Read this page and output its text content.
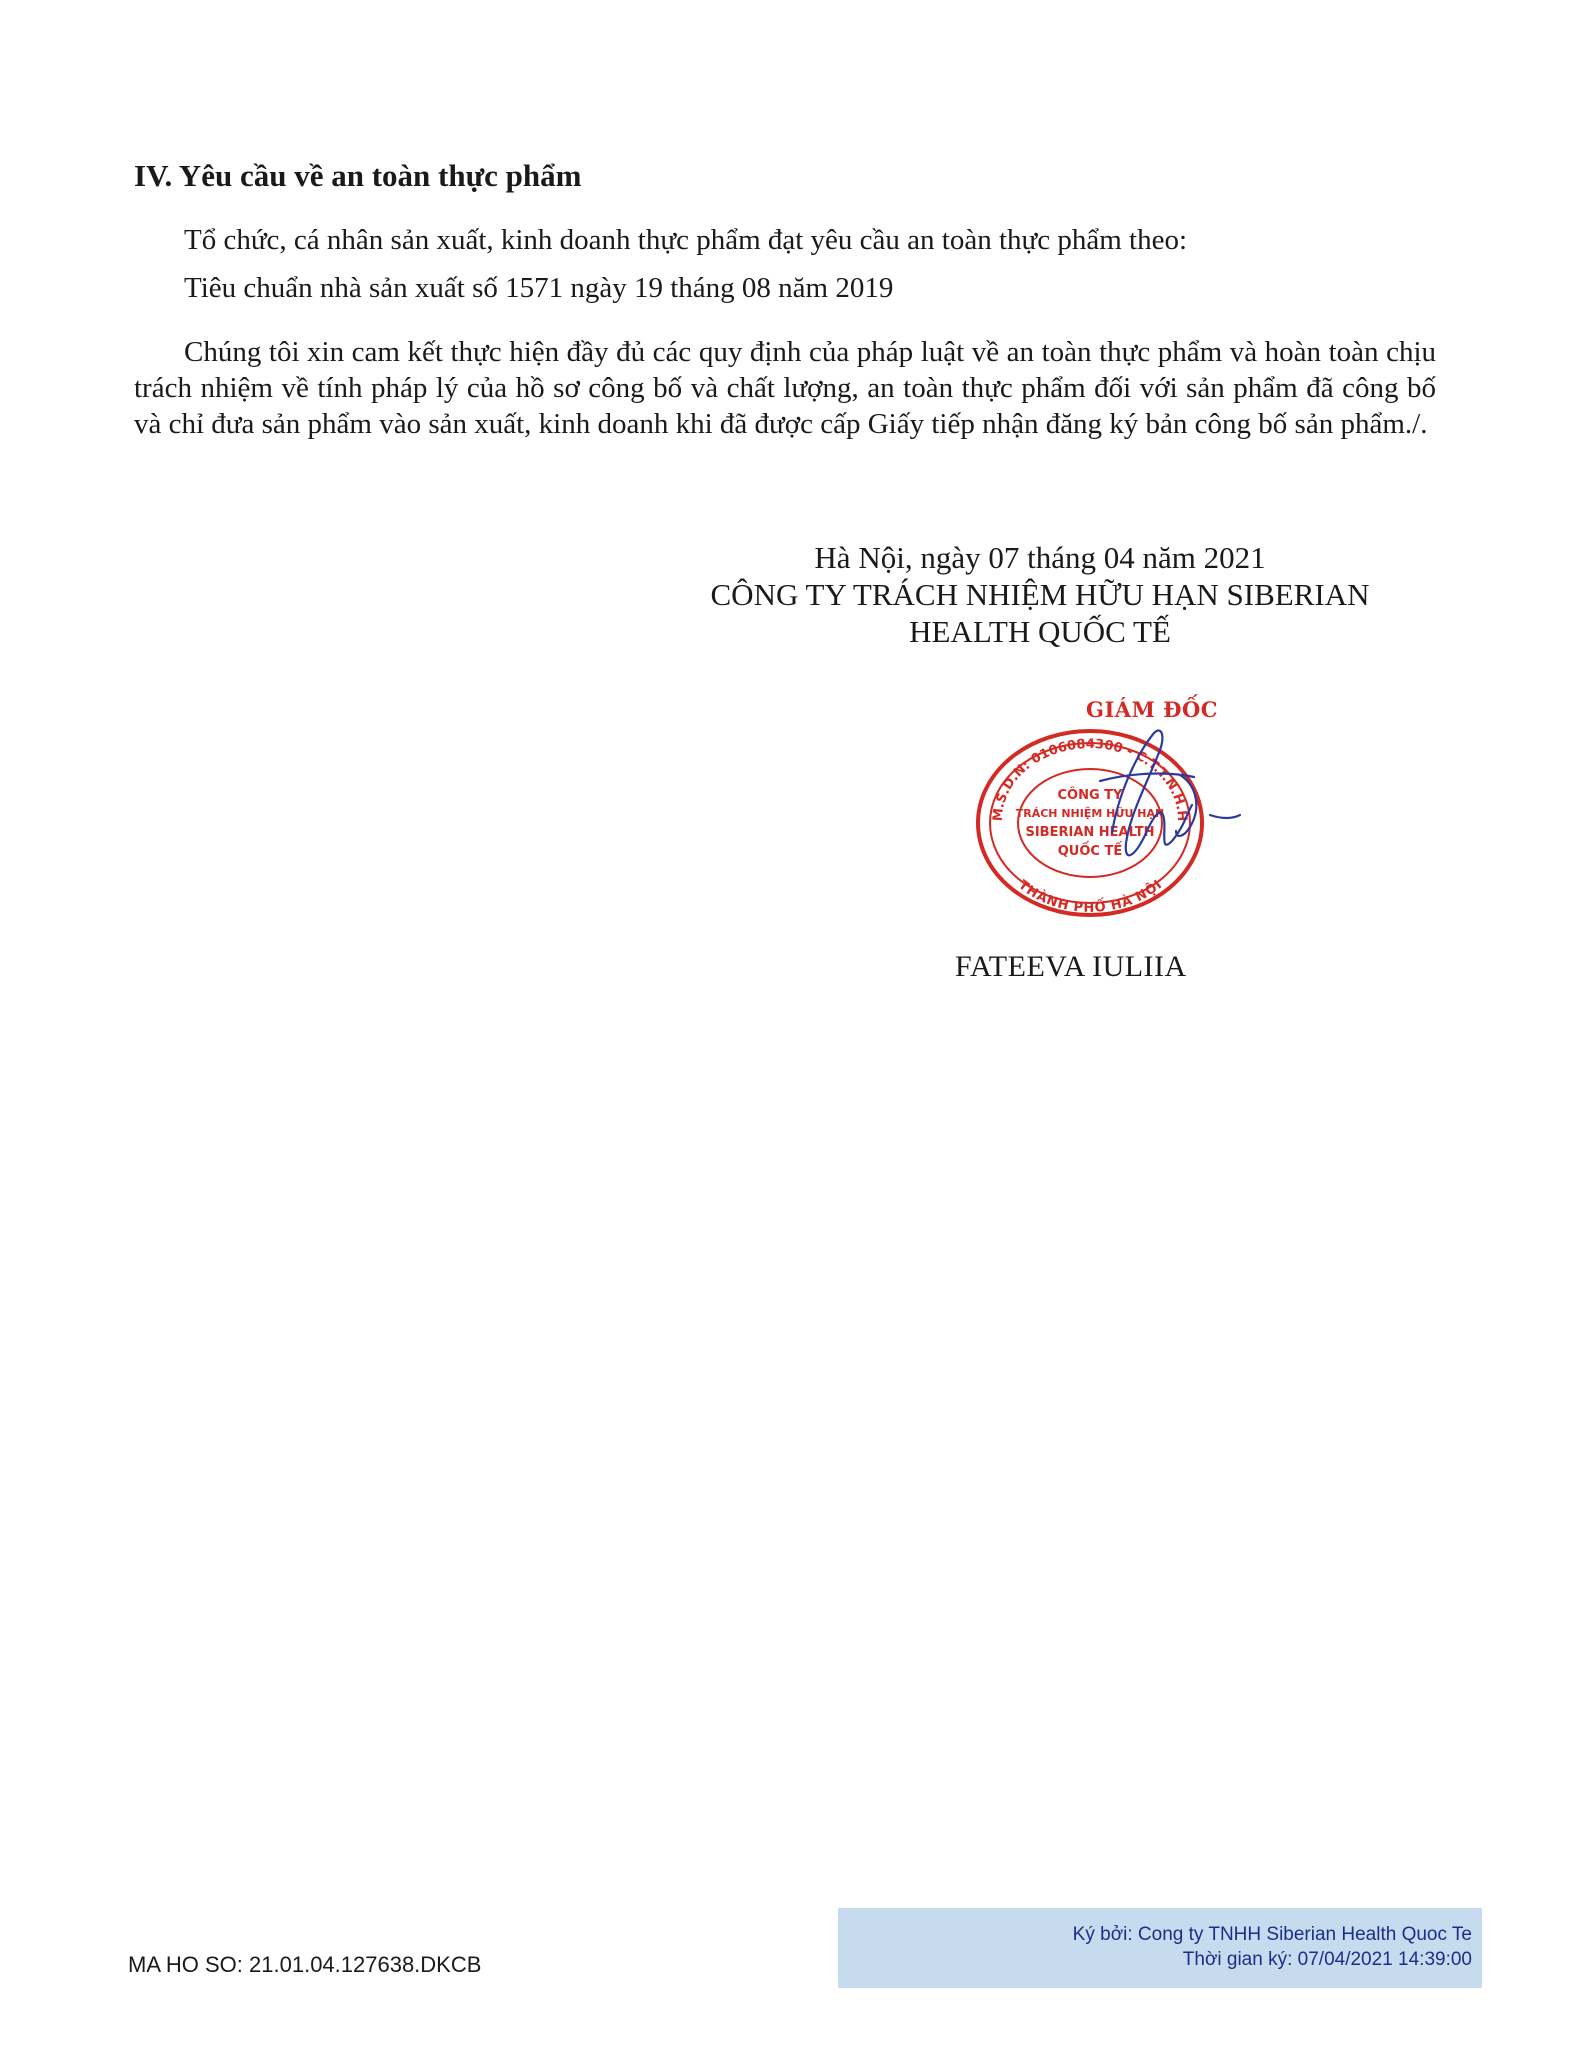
IV. Yêu cầu về an toàn thực phẩm

Tổ chức, cá nhân sản xuất, kinh doanh thực phẩm đạt yêu cầu an toàn thực phẩm theo:

Tiêu chuẩn nhà sản xuất số 1571 ngày 19 tháng 08 năm 2019

Chúng tôi xin cam kết thực hiện đầy đủ các quy định của pháp luật về an toàn thực phẩm và hoàn toàn chịu trách nhiệm về tính pháp lý của hồ sơ công bố và chất lượng, an toàn thực phẩm đối với sản phẩm đã công bố và chỉ đưa sản phẩm vào sản xuất, kinh doanh khi đã được cấp Giấy tiếp nhận đăng ký bản công bố sản phẩm./.

Hà Nội, ngày 07 tháng 04 năm 2021
CÔNG TY TRÁCH NHIỆM HỮU HẠN SIBERIAN
HEALTH QUỐC TẾ
GIÁM ĐỐC
M.S.D.N: 0106084300 - C.T.T.N.H.H
THÀNH PHỐ HÀ NỘI
CÔNG TY
TRÁCH NHIỆM HỮU HẠN
SIBERIAN HEALTH
QUỐC TẾ
FATEEVA IULIIA
MA HO SO: 21.01.04.127638.DKCB
Ký bởi: Cong ty TNHH Siberian Health Quoc Te
Thời gian ký: 07/04/2021 14:39:00
